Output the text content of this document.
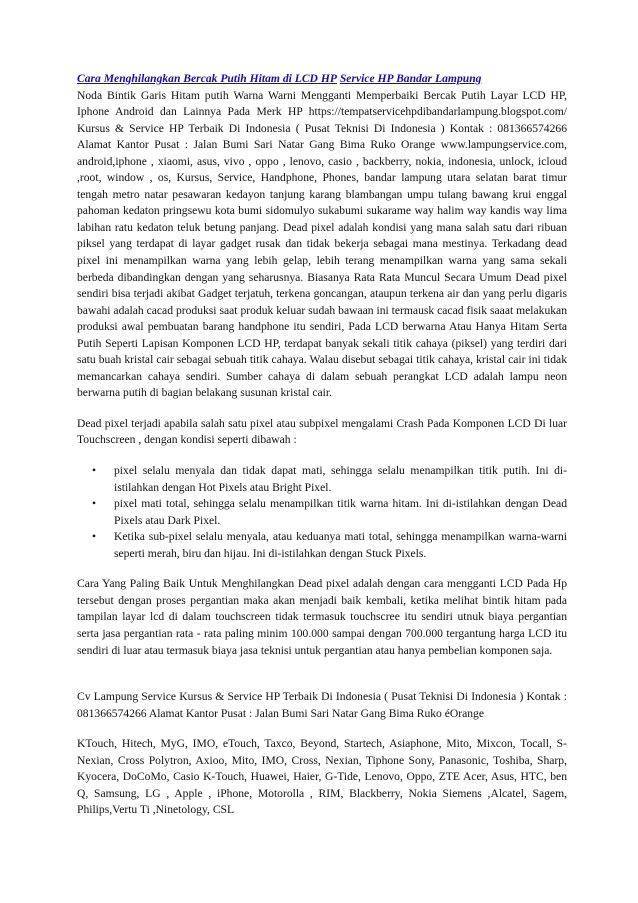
Cara Menghilangkan Bercak Putih Hitam di LCD HP Service HP Bandar Lampung

Noda Bintik Garis Hitam putih Warna Warni Mengganti Memperbaiki Bercak Putih Layar LCD HP, Iphone Android dan Lainnya Pada Merk HP https://tempatservicehpdibandarlampung.blogspot.com/ Kursus & Service HP Terbaik Di Indonesia ( Pusat Teknisi Di Indonesia ) Kontak : 081366574266 Alamat Kantor Pusat : Jalan Bumi Sari Natar Gang Bima Ruko Orange www.lampungservice.com, android,iphone , xiaomi, asus, vivo , oppo , lenovo, casio , backberry, nokia, indonesia, unlock, icloud ,root, window , os, Kursus, Service, Handphone, Phones, bandar lampung utara selatan barat timur tengah metro natar pesawaran kedayon tanjung karang blambangan umpu tulang bawang krui enggal pahoman kedaton pringsewu kota bumi sidomulyo sukabumi sukarame way halim way kandis way lima labihan ratu kedaton teluk betung panjang. Dead pixel adalah kondisi yang mana salah satu dari ribuan piksel yang terdapat di layar gadget rusak dan tidak bekerja sebagai mana mestinya. Terkadang dead pixel ini menampilkan warna yang lebih gelap, lebih terang menampilkan warna yang sama sekali berbeda dibandingkan dengan yang seharusnya. Biasanya Rata Rata Muncul Secara Umum Dead pixel sendiri bisa terjadi akibat Gadget terjatuh, terkena goncangan, ataupun terkena air dan yang perlu digaris bawahi adalah cacad produksi saat produk keluar sudah bawaan ini termausk cacad fisik saaat melakukan produksi awal pembuatan barang handphone itu sendiri, Pada LCD berwarna Atau Hanya Hitam Serta Putih Seperti Lapisan Komponen LCD HP, terdapat banyak sekali titik cahaya (piksel) yang terdiri dari satu buah kristal cair sebagai sebuah titik cahaya. Walau disebut sebagai titik cahaya, kristal cair ini tidak memancarkan cahaya sendiri. Sumber cahaya di dalam sebuah perangkat LCD adalah lampu neon berwarna putih di bagian belakang susunan kristal cair.

Dead pixel terjadi apabila salah satu pixel atau subpixel mengalami Crash Pada Komponen LCD Di luar Touchscreen , dengan kondisi seperti dibawah :

• pixel selalu menyala dan tidak dapat mati, sehingga selalu menampilkan titik putih. Ini di-istilahkan dengan Hot Pixels atau Bright Pixel.
• pixel mati total, sehingga selalu menampilkan titik warna hitam. Ini di-istilahkan dengan Dead Pixels atau Dark Pixel.
• Ketika sub-pixel selalu menyala, atau keduanya mati total, sehingga menampilkan warna-warni seperti merah, biru dan hijau. Ini di-istilahkan dengan Stuck Pixels.

Cara Yang Paling Baik Untuk Menghilangkan Dead pixel adalah dengan cara mengganti LCD Pada Hp tersebut dengan proses pergantian maka akan menjadi baik kembali, ketika melihat bintik hitam pada tampilan layar lcd di dalam touchscreen tidak termasuk touchscree itu sendiri utnuk biaya pergantian serta jasa pergantian rata - rata paling minim 100.000 sampai dengan 700.000 tergantung harga LCD itu sendiri di luar atau termasuk biaya jasa teknisi untuk pergantian atau hanya pembelian komponen saja.

Cv Lampung Service Kursus & Service HP Terbaik Di Indonesia ( Pusat Teknisi Di Indonesia ) Kontak : 081366574266 Alamat Kantor Pusat : Jalan Bumi Sari Natar Gang Bima Ruko éOrange

KTouch, Hitech, MyG, IMO, eTouch, Taxco, Beyond, Startech, Asiaphone, Mito, Mixcon, Tocall, S-Nexian, Cross Polytron, Axioo, Mito, IMO, Cross, Nexian, Tiphone Sony, Panasonic, Toshiba, Sharp, Kyocera, DoCoMo, Casio K-Touch, Huawei, Haier, G-Tide, Lenovo, Oppo, ZTE Acer, Asus, HTC, ben Q, Samsung, LG , Apple , iPhone, Motorolla , RIM, Blackberry, Nokia Siemens ,Alcatel, Sagem, Philips,Vertu Ti ,Ninetology, CSL
